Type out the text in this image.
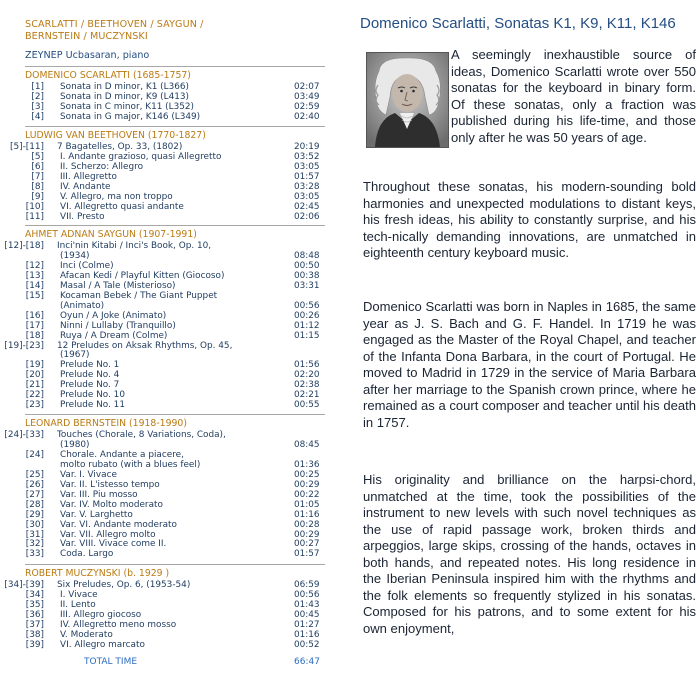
SCARLATTI / BEETHOVEN / SAYGUN /
BERNSTEIN / MUCZYNSKI
ZEYNEP Ucbasaran, piano
DOMENICO SCARLATTI (1685-1757)
[1] Sonata in D minor, K1 (L366)	02:07
[2] Sonata in D minor, K9 (L413)	03:49
[3] Sonata in C minor, K11 (L352)	02:59
[4] Sonata in G major, K146 (L349)	02:40
LUDWIG VAN BEETHOVEN (1770-1827)
[5]-[11] 7 Bagatelles, Op. 33, (1802)	20:19
[5] I. Andante grazioso, quasi Allegretto	03:52
[6] II. Scherzo: Allegro	03:05
[7] III. Allegretto	01:57
[8] IV. Andante	03:28
[9] V. Allegro, ma non troppo	03:05
[10] VI. Allegretto quasi andante	02:45
[11] VII. Presto	02:06
AHMET ADNAN SAYGUN (1907-1991)
[12]-[18] Inci'nin Kitabi / Inci's Book, Op. 10,
(1934)	08:48
[12] Inci (Colme)	00:50
[13] Afacan Kedi / Playful Kitten (Giocoso)	00:38
[14] Masal / A Tale (Misterioso)	03:31
[15] Kocaman Bebek / The Giant Puppet
(Animato)	00:56
[16] Oyun / A Joke (Animato)	00:26
[17] Ninni / Lullaby (Tranquillo)	01:12
[18] Ruya / A Dream (Colme)	01:15
[19]-[23] 12 Preludes on Aksak Rhythms, Op. 45,
(1967)
[19] Prelude No. 1	01:56
[20] Prelude No. 4	02:20
[21] Prelude No. 7	02:38
[22] Prelude No. 10	02:21
[23] Prelude No. 11	00:55
LEONARD BERNSTEIN (1918-1990)
[24]-[33] Touches (Chorale, 8 Variations, Coda),
(1980)	08:45
[24] Chorale. Andante a piacere,
molto rubato (with a blues feel)	01:36
[25] Var. I. Vivace	00:25
[26] Var. II. L'istesso tempo	00:29
[27] Var. III. Piu mosso	00:22
[28] Var. IV. Molto moderato	01:05
[29] Var. V. Larghetto	01:16
[30] Var. VI. Andante moderato	00:28
[31] Var. VII. Allegro molto	00:29
[32] Var. VIII. Vivace come II.	00:27
[33] Coda. Largo	01:57
ROBERT MUCZYNSKI (b. 1929 )
[34]-[39] Six Preludes, Op. 6, (1953-54)	06:59
[34] I. Vivace	00:56
[35] II. Lento	01:43
[36] III. Allegro giocoso	00:45
[37] IV. Allegretto meno mosso	01:27
[38] V. Moderato	01:16
[39] VI. Allegro marcato	00:52
TOTAL TIME	66:47
Domenico Scarlatti, Sonatas K1, K9, K11, K146
A seemingly inexhaustible source of ideas, Domenico Scarlatti wrote over 550 sonatas for the keyboard in binary form. Of these sonatas, only a fraction was published during his life-time, and those only after he was 50 years of age.
Throughout these sonatas, his modern-sounding bold harmonies and unexpected modulations to distant keys, his fresh ideas, his ability to constantly surprise, and his tech-nically demanding innovations, are unmatched in eighteenth century keyboard music.
Domenico Scarlatti was born in Naples in 1685, the same year as J. S. Bach and G. F. Handel. In 1719 he was engaged as the Master of the Royal Chapel, and teacher of the Infanta Dona Barbara, in the court of Portugal. He moved to Madrid in 1729 in the service of Maria Barbara after her marriage to the Spanish crown prince, where he remained as a court composer and teacher until his death in 1757.
His originality and brilliance on the harpsi-chord, unmatched at the time, took the possibilities of the instrument to new levels with such novel techniques as the use of rapid passage work, broken thirds and arpeggios, large skips, crossing of the hands, octaves in both hands, and repeated notes. His long residence in the Iberian Peninsula inspired him with the rhythms and the folk elements so frequently stylized in his sonatas. Composed for his patrons, and to some extent for his own enjoyment,
